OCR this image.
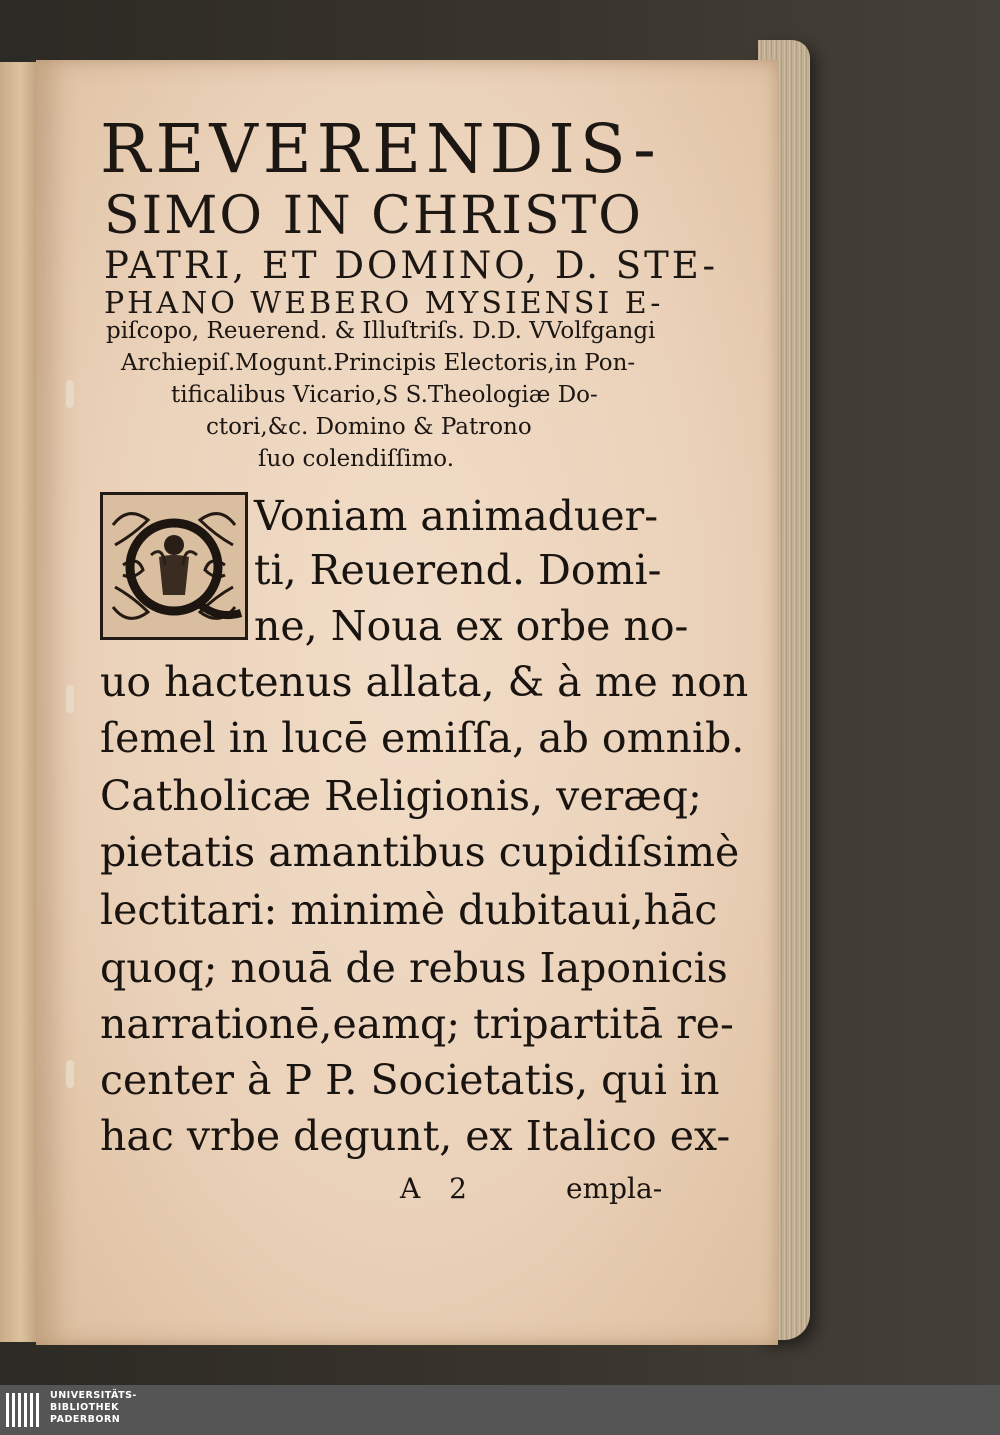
REVERENDIS-
SIMO IN CHRISTO
PATRI, ET DOMINO, D. STE-
PHANO WEBERO MYSIENSI E-
piſcopo, Reuerend. & Illuſtriſs. D.D. VVolfgangi
Archiepiſ.Mogunt.Principis Electoris,in Pon-
tificalibus Vicario,S S.Theologiæ Do-
ctori,&c. Domino & Patrono
ſuo colendiſſimo.
Voniam animaduer-
ti, Reuerend. Domi-
ne, Noua ex orbe no-
uo hactenus allata, & à me non
ſemel in lucē emiſſa, ab omnib.
Catholicæ Religionis, veræq;
pietatis amantibus cupidiſsimè
lectitari: minimè dubitaui,hāc
quoq; nouā de rebus Iaponicis
narrationē,eamq; tripartitā re-
center à P P. Societatis, qui in
hac vrbe degunt, ex Italico ex-
A 2	empla-
UNIVERSITÄTS-
BIBLIOTHEK
PADERBORN
